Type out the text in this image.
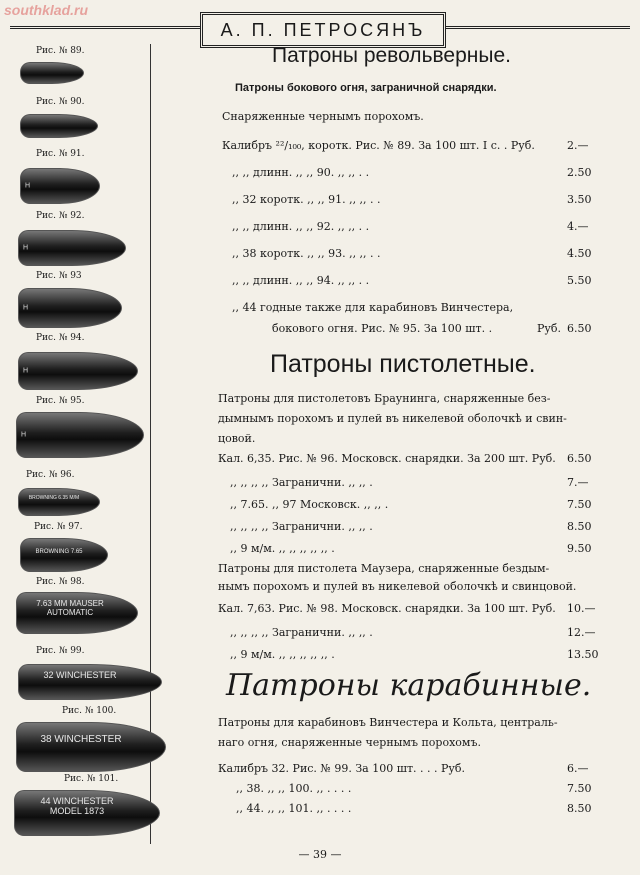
southklad.ru
А. П. ПЕТРОСЯНЪ
Рис. № 89.
Рис. № 90.
Рис. № 91.
H
Рис. № 92.
H
Рис. № 93
H
Рис. № 94.
H
Рис. № 95.
H
Рис. № 96.
BROWNING 6.35 M/M
Рис. № 97.
BROWNING 7.65
Рис. № 98.
7.63 MM MAUSER AUTOMATIC
Рис. № 99.
32 WINCHESTER
Рис. № 100.
38 WINCHESTER
Рис. № 101.
44 WINCHESTER MODEL 1873
Патроны револьверные.
Патроны бокового огня, заграничной снарядки.
Снаряженные чернымъ порохомъ.
Калибръ ²²/₁₀₀, коротк. Рис. № 89. За 100 шт. I с. . Руб.	2.—
,, ,, длинн. ,, ,, 90. ,, ,, . .	2.50
,, 32 коротк. ,, ,, 91. ,, ,, . .	3.50
,, ,, длинн. ,, ,, 92. ,, ,, . .	4.—
,, 38 коротк. ,, ,, 93. ,, ,, . .	4.50
,, ,, длинн. ,, ,, 94. ,, ,, . .	5.50
,, 44 годные также для карабиновъ Винчестера,
бокового огня. Рис. № 95. За 100 шт. .	Руб. 6.50
Патроны пистолетные.
Патроны для пистолетовъ Браунинга, снаряженные без-
дымнымъ порохомъ и пулей въ никелевой оболочкѣ и свин-
цовой.
Кал. 6,35. Рис. № 96. Московск. снарядки. За 200 шт. Руб. 6.50
,, ,, ,, ,, Загранични. ,, ,, .	7.—
,, 7.65. ,, 97 Московск. ,, ,, .	7.50
,, ,, ,, ,, Загранични. ,, ,, .	8.50
,, 9 м/м. ,, ,, ,, ,, ,, .	9.50
Патроны для пистолета Маузера, снаряженные бездым-
нымъ порохомъ и пулей въ никелевой оболочкѣ и свинцовой.
Кал. 7,63. Рис. № 98. Московск. снарядки. За 100 шт. Руб. 10.—
,, ,, ,, ,, Загранични. ,, ,, .	12.—
,, 9 м/м. ,, ,, ,, ,, ,, .	13.50
Патроны карабинные.
Патроны для карабиновъ Винчестера и Кольта, централь-
наго огня, снаряженные чернымъ порохомъ.
Калибръ 32. Рис. № 99. За 100 шт. . . . Руб.	6.—
,, 38. ,, ,, 100. ,, . . . .	7.50
,, 44. ,, ,, 101. ,, . . . .	8.50
— 39 —
